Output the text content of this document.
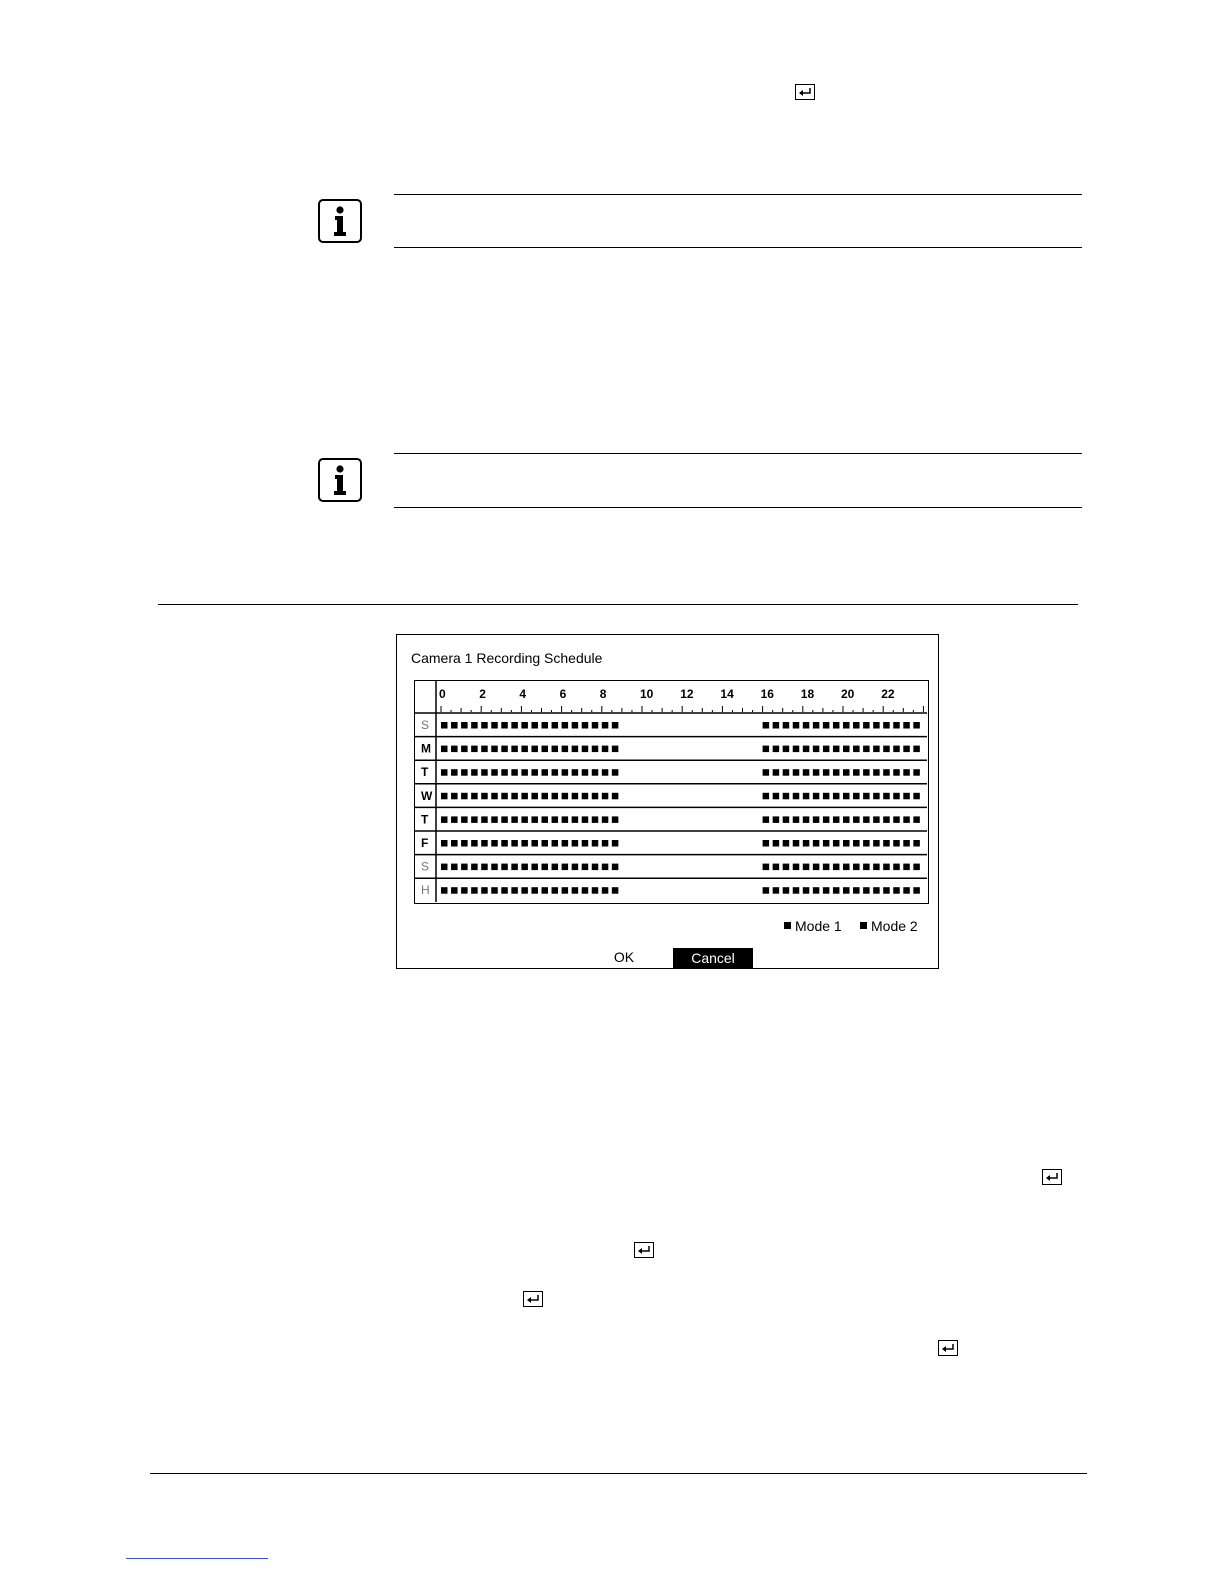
Camera 1 Recording Schedule
0	2	4	6	8	10 12 14 16 18 20 22
S
M
T
W
T
F
S
H
Mode 1	Mode 2
OK	Cancel
